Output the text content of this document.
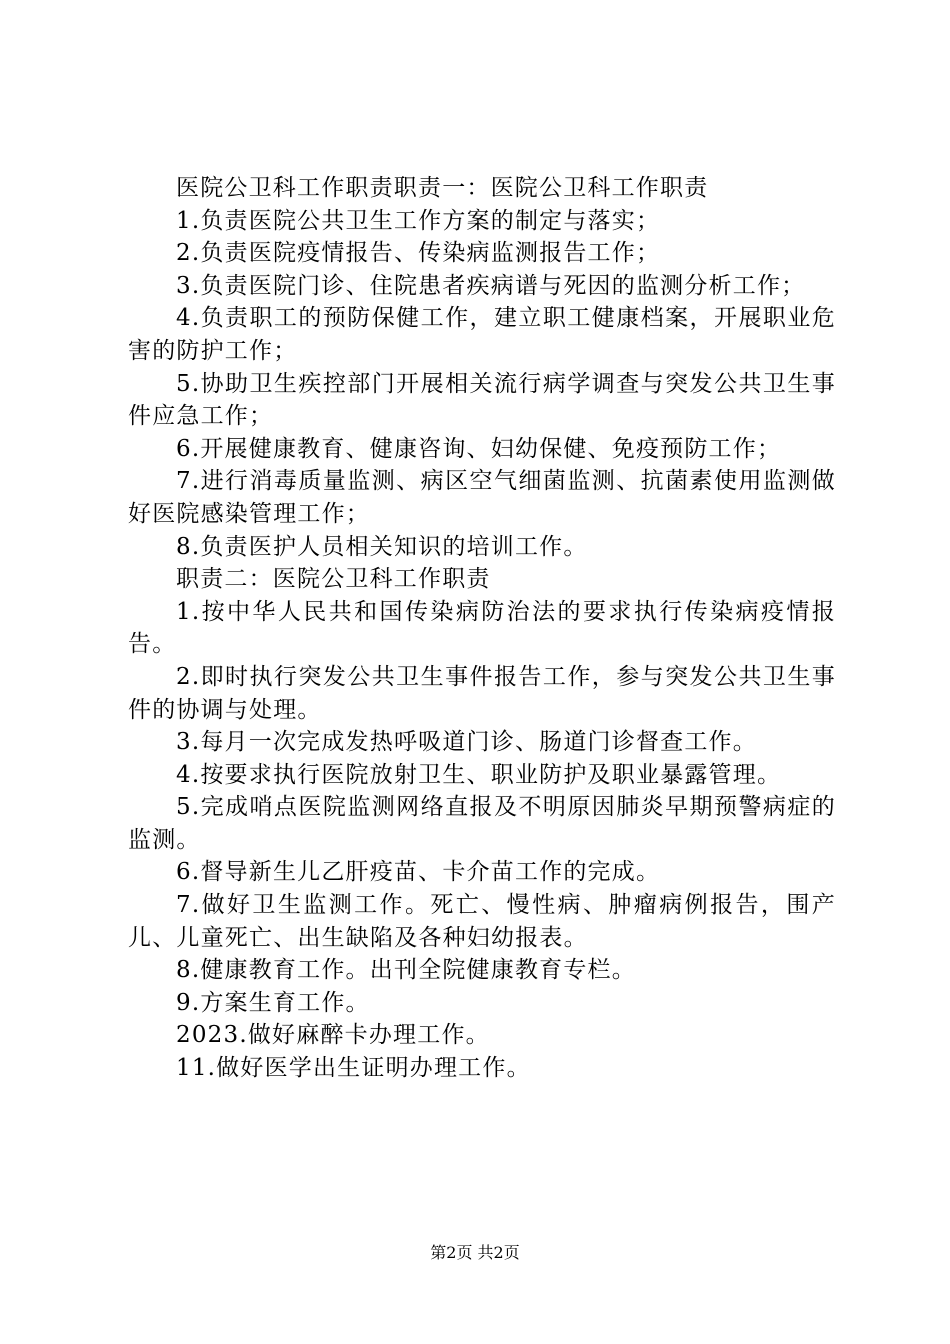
医院公卫科工作职责职责一：医院公卫科工作职责

1.负责医院公共卫生工作方案的制定与落实；

2.负责医院疫情报告、传染病监测报告工作；

3.负责医院门诊、住院患者疾病谱与死因的监测分析工作；

4.负责职工的预防保健工作，建立职工健康档案，开展职业危害的防护工作；

5.协助卫生疾控部门开展相关流行病学调查与突发公共卫生事件应急工作；

6.开展健康教育、健康咨询、妇幼保健、免疫预防工作；

7.进行消毒质量监测、病区空气细菌监测、抗菌素使用监测做好医院感染管理工作；

8.负责医护人员相关知识的培训工作。

职责二：医院公卫科工作职责

1.按中华人民共和国传染病防治法的要求执行传染病疫情报告。

2.即时执行突发公共卫生事件报告工作，参与突发公共卫生事件的协调与处理。

3.每月一次完成发热呼吸道门诊、肠道门诊督查工作。

4.按要求执行医院放射卫生、职业防护及职业暴露管理。

5.完成哨点医院监测网络直报及不明原因肺炎早期预警病症的监测。

6.督导新生儿乙肝疫苗、卡介苗工作的完成。

7.做好卫生监测工作。死亡、慢性病、肿瘤病例报告，围产儿、儿童死亡、出生缺陷及各种妇幼报表。

8.健康教育工作。出刊全院健康教育专栏。

9.方案生育工作。

2023.做好麻醉卡办理工作。

11.做好医学出生证明办理工作。

第2页 共2页
